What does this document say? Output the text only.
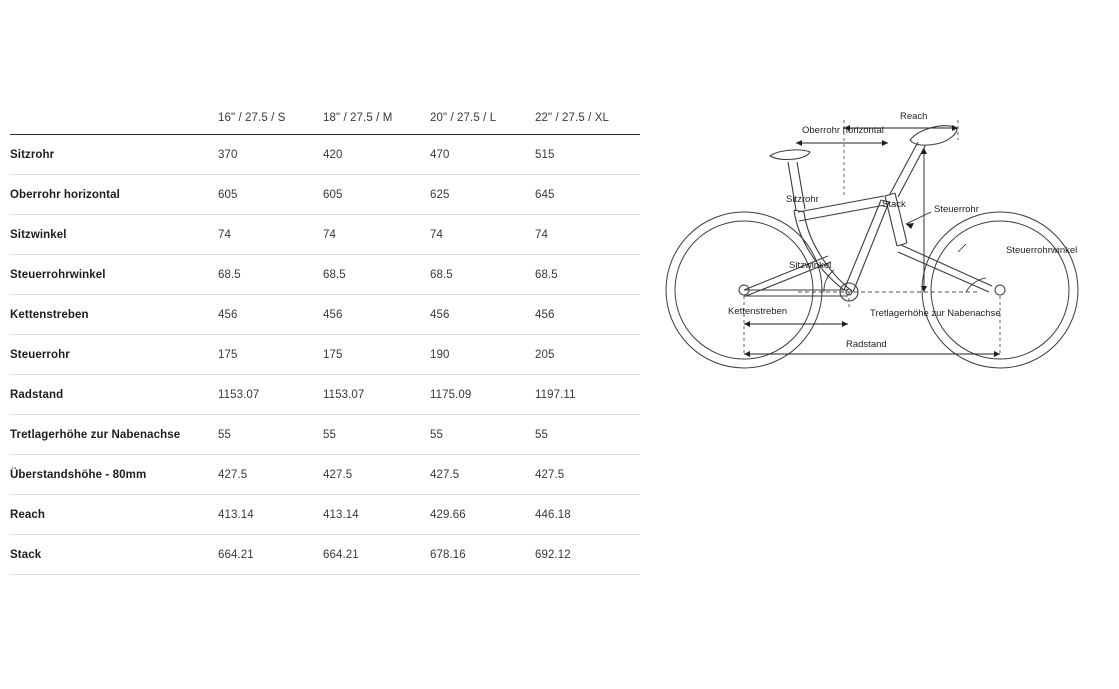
	16" / 27.5 / S	18" / 27.5 / M	20" / 27.5 / L	22" / 27.5 / XL
Sitzrohr	370	420	470	515
Oberrohr horizontal	605	605	625	645
Sitzwinkel	74	74	74	74
Steuerrohrwinkel	68.5	68.5	68.5	68.5
Kettenstreben	456	456	456	456
Steuerrohr	175	175	190	205
Radstand	1153.07	1153.07	1175.09	1197.11
Tretlagerhöhe zur Nabenachse	55	55	55	55
Überstandshöhe - 80mm	427.5	427.5	427.5	427.5
Reach	413.14	413.14	429.66	446.18
Stack	664.21	664.21	678.16	692.12
Reach
Oberrohr horizontal
Steuerrohr
Stack
Sitzrohr
Sitzwinkel
Steuerrohrwinkel
Kettenstreben	Tretlagerhöhe zur Nabenachse
Radstand
